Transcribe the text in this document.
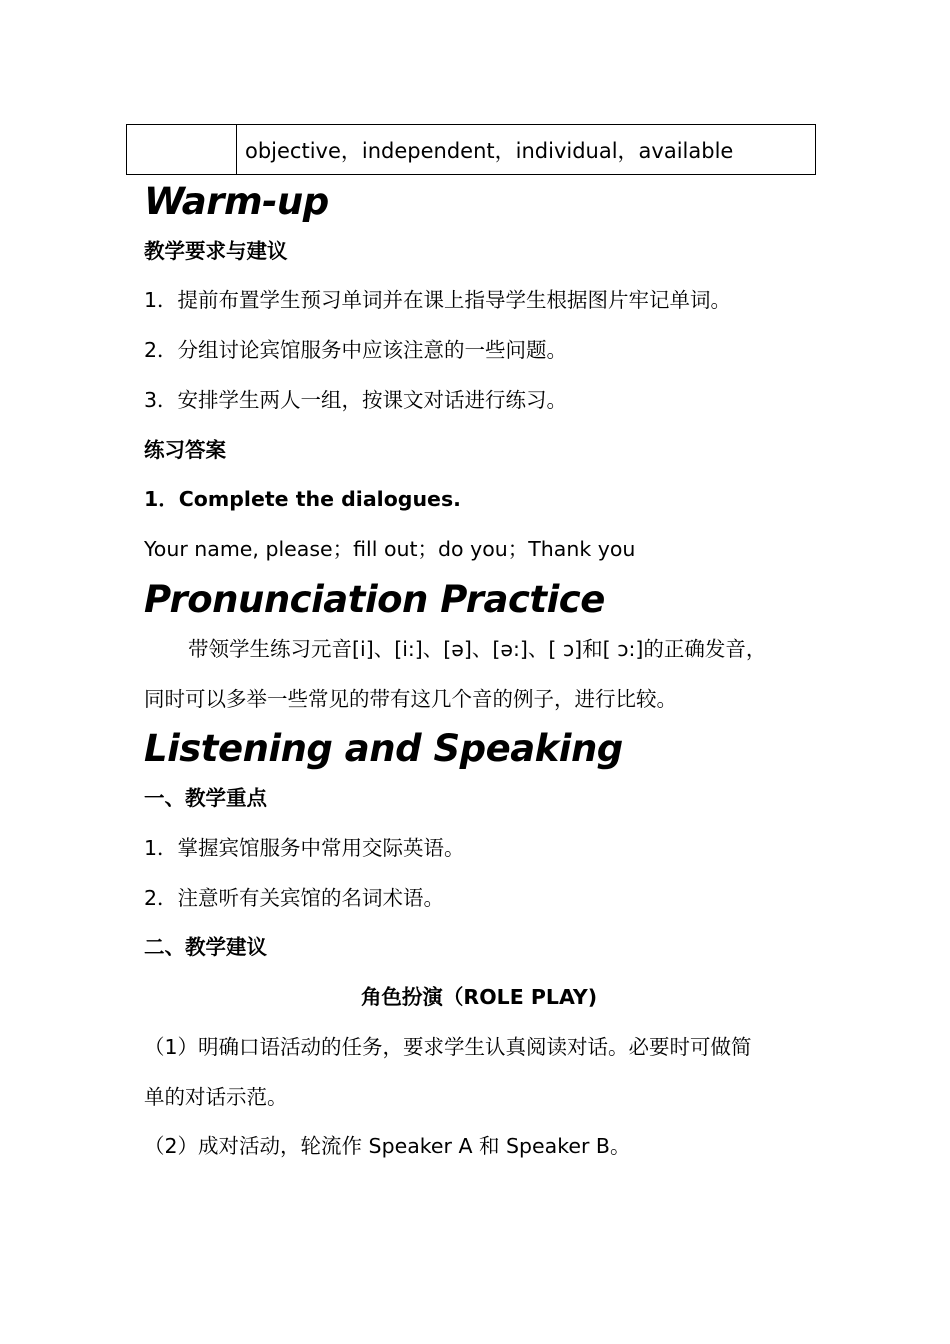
	objective，independent，individual，available
Warm-up
教学要求与建议
1．提前布置学生预习单词并在课上指导学生根据图片牢记单词。
2．分组讨论宾馆服务中应该注意的一些问题。
3．安排学生两人一组，按课文对话进行练习。
练习答案
1．Complete the dialogues.
Your name, please；fill out；do you；Thank you
Pronunciation Practice
带领学生练习元音[i]、[i:]、[ə]、[ə:]、[ ɔ]和[ ɔ:]的正确发音，
同时可以多举一些常见的带有这几个音的例子，进行比较。
Listening and Speaking
一、教学重点
1．掌握宾馆服务中常用交际英语。
2．注意听有关宾馆的名词术语。
二、教学建议
角色扮演（ROLE PLAY)
（1）明确口语活动的任务，要求学生认真阅读对话。必要时可做简
单的对话示范。
（2）成对活动，轮流作 Speaker A 和 Speaker B。
